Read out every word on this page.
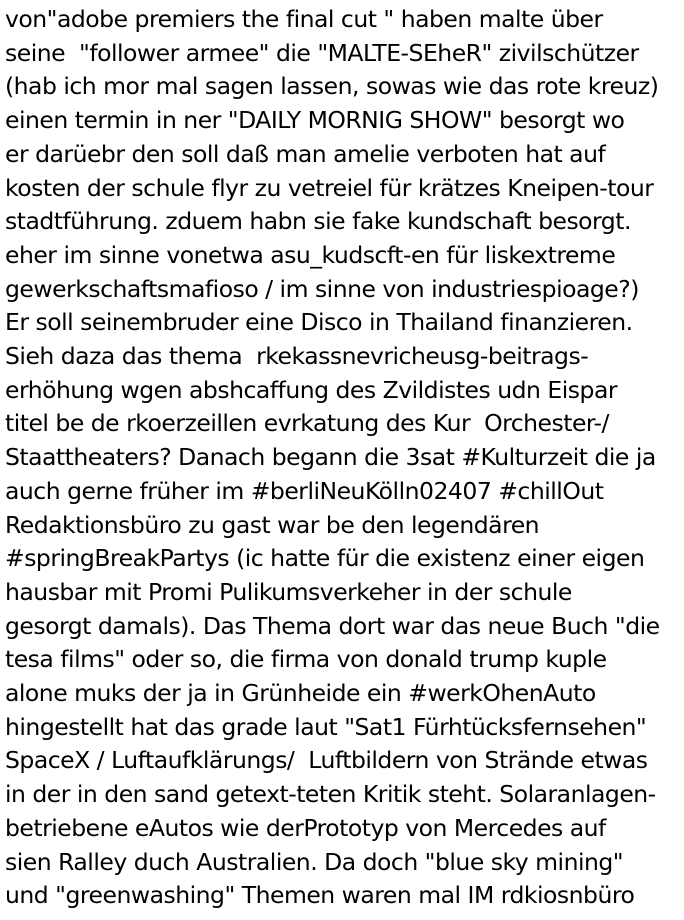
von"adobe premiers the final cut " haben malte über
seine  "follower armee" die "MALTE-SEheR" zivilschützer
(hab ich mor mal sagen lassen, sowas wie das rote kreuz)
einen termin in ner "DAILY MORNIG SHOW" besorgt wo
er darüebr den soll daß man amelie verboten hat auf
kosten der schule flyr zu vetreiel für krätzes Kneipen-tour
stadtführung. zduem habn sie fake kundschaft besorgt.
eher im sinne vonetwa asu_kudscft-en für liskextreme
gewerkschaftsmafioso / im sinne von industriespioage?)
Er soll seinembruder eine Disco in Thailand finanzieren.
Sieh daza das thema  rkekassnevricheusg-beitrags-
erhöhung wgen abshcaffung des Zvildistes udn Eispar
titel be de rkoerzeillen evrkatung des Kur  Orchester-/
Staattheaters? Danach begann die 3sat #Kulturzeit die ja
auch gerne früher im #berliNeuKölln02407 #chillOut
Redaktionsbüro zu gast war be den legendären
#springBreakPartys (ic hatte für die existenz einer eigen
hausbar mit Promi Pulikumsverkeher in der schule
gesorgt damals). Das Thema dort war das neue Buch "die
tesa films" oder so, die firma von donald trump kuple
alone muks der ja in Grünheide ein #werkOhenAuto
hingestellt hat das grade laut "Sat1 Fürhtücksfernsehen"
SpaceX / Luftaufklärungs/  Luftbildern von Strände etwas
in der in den sand getext-teten Kritik steht. Solaranlagen-
betriebene eAutos wie derPrototyp von Mercedes auf
sien Ralley duch Australien. Da doch "blue sky mining"
und "greenwashing" Themen waren mal IM rdkiosnbüro
